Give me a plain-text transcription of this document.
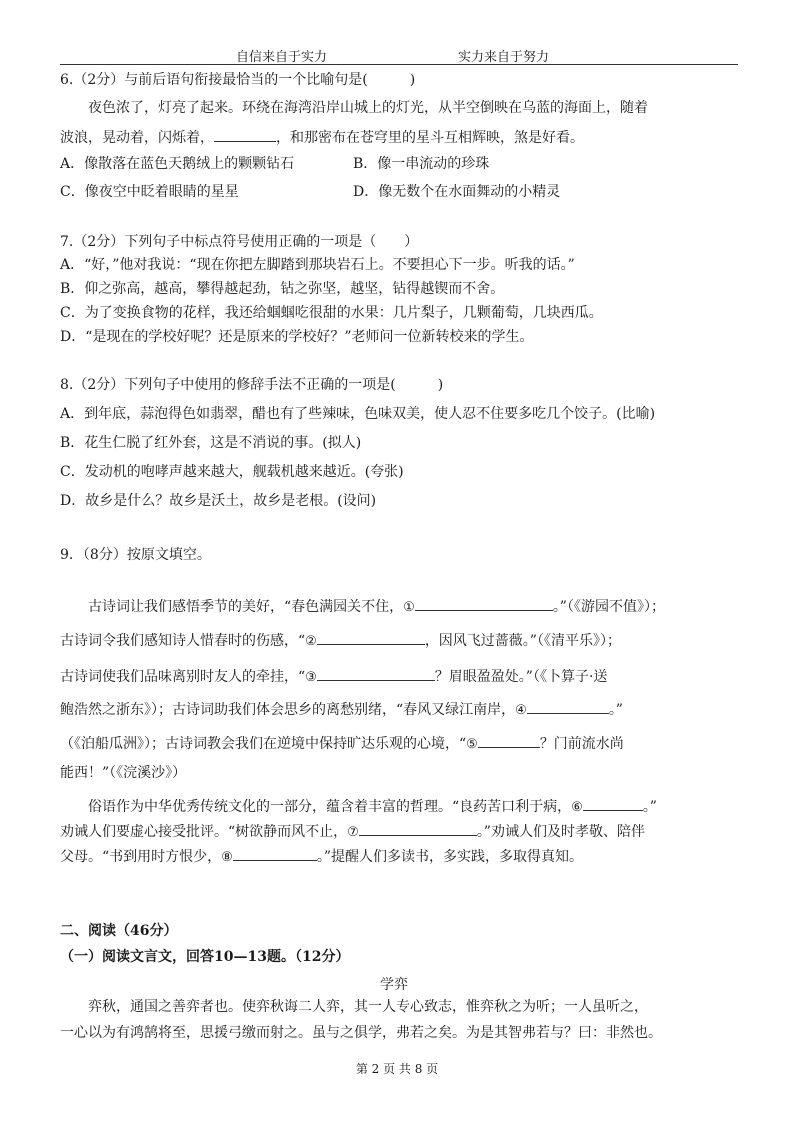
自信来自于实力	实力来自于努力
6.（2分）与前后语句衔接最恰当的一个比喻句是(　　　)
夜色浓了，灯亮了起来。环绕在海湾沿岸山城上的灯光，从半空倒映在乌蓝的海面上，随着
波浪，晃动着，闪烁着，	，和那密布在苍穹里的星斗互相辉映，煞是好看。
A．像散落在蓝色天鹅绒上的颗颗钻石	B．像一串流动的珍珠
C．像夜空中眨着眼睛的星星	D．像无数个在水面舞动的小精灵
7.（2分）下列句子中标点符号使用正确的一项是（　　）
A．“好，”他对我说：“现在你把左脚踏到那块岩石上。不要担心下一步。听我的话。”
B．仰之弥高，越高，攀得越起劲，钻之弥坚，越坚，钻得越锲而不舍。
C．为了变换食物的花样，我还给蝈蝈吃很甜的水果：几片梨子，几颗葡萄，几块西瓜。
D．“是现在的学校好呢？还是原来的学校好？”老师问一位新转校来的学生。
8.（2分）下列句子中使用的修辞手法不正确的一项是(　　　)
A．到年底，蒜泡得色如翡翠，醋也有了些辣味，色味双美，使人忍不住要多吃几个饺子。(比喻)
B．花生仁脱了红外套，这是不消说的事。(拟人)
C．发动机的咆哮声越来越大，舰载机越来越近。(夸张)
D．故乡是什么？故乡是沃土，故乡是老根。(设问)
9．（8分）按原文填空。
古诗词让我们感悟季节的美好，“春色满园关不住，①	。”（《游园不值》）；
古诗词令我们感知诗人惜春时的伤感，“②	，因风飞过蔷薇。”（《清平乐》）；
古诗词使我们品味离别时友人的牵挂，“③	？眉眼盈盈处。”（《卜算子·送
鲍浩然之浙东》）；古诗词助我们体会思乡的离愁别绪，“春风又绿江南岸，④	。”
（《泊船瓜洲》）；古诗词教会我们在逆境中保持旷达乐观的心境，“⑤	？门前流水尚
能西！”（《浣溪沙》）
俗语作为中华优秀传统文化的一部分，蕴含着丰富的哲理。“良药苦口利于病，⑥	。”
劝诫人们要虚心接受批评。“树欲静而风不止，⑦	。”劝诫人们及时孝敬、陪伴
父母。“书到用时方恨少，⑧	。”提醒人们多读书，多实践，多取得真知。
二、阅读（46分）
（一）阅读文言文，回答10—13题。（12分）
学弈
弈秋，通国之善弈者也。使弈秋诲二人弈，其一人专心致志，惟弈秋之为听；一人虽听之，
一心以为有鸿鹄将至，思援弓缴而射之。虽与之俱学，弗若之矣。为是其智弗若与？曰：非然也。
第 2 页 共 8 页
